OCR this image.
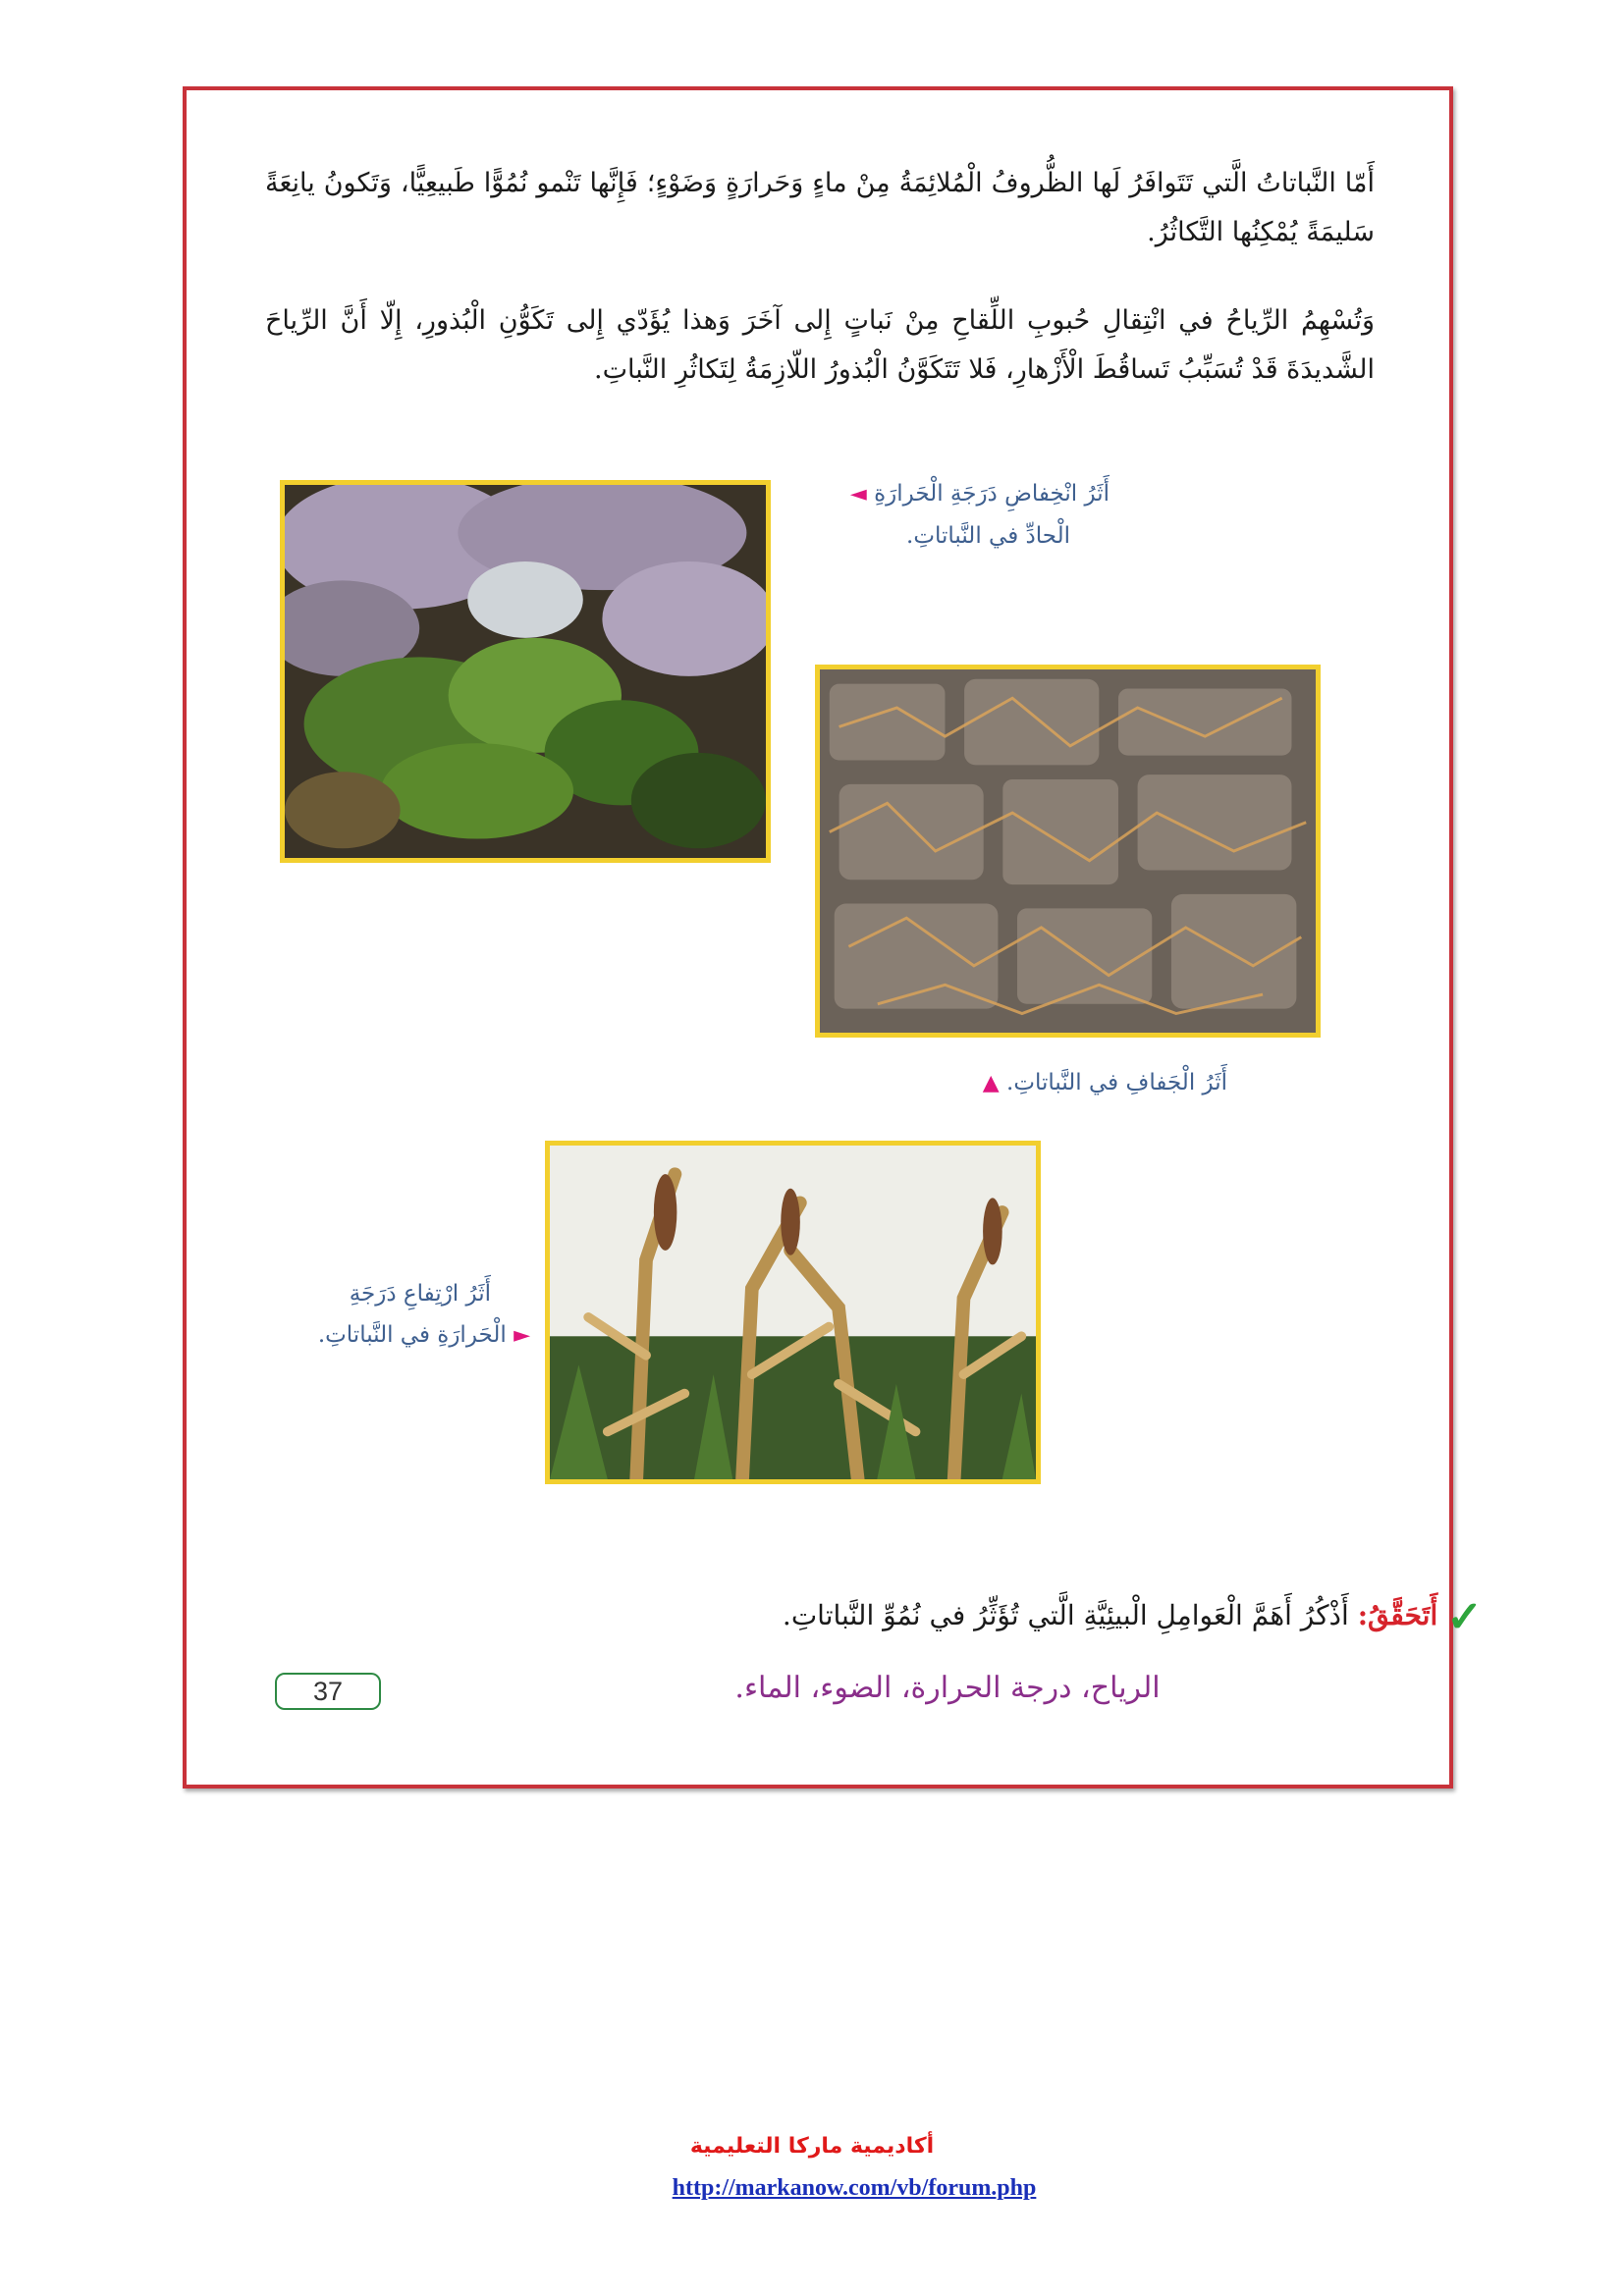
أَمّا النَّباتاتُ الَّتي تَتَوافَرُ لَها الظُّروفُ الْمُلائِمَةُ مِنْ ماءٍ وَحَرارَةٍ وَضَوْءٍ؛ فَإِنَّها تَنْمو نُمُوًّا طَبيعِيًّا، وَتَكونُ يانِعَةً سَليمَةً يُمْكِنُها التَّكاثُرُ.
وَتُسْهِمُ الرِّياحُ في انْتِقالِ حُبوبِ اللِّقاحِ مِنْ نَباتٍ إِلى آخَرَ وَهذا يُؤَدّي إِلى تَكَوُّنِ الْبُذورِ، إِلّا أَنَّ الرِّياحَ الشَّديدَةَ قَدْ تُسَبِّبُ تَساقُطَ الْأَزْهارِ، فَلا تَتَكَوَّنُ الْبُذورُ اللّازِمَةُ لِتَكاثُرِ النَّباتِ.
أَثَرُ انْخِفاضِ دَرَجَةِ الْحَرارَةِ ◄
الْحادِّ في النَّباتاتِ.
أَثَرُ الْجَفافِ في النَّباتاتِ. ▲
أَثَرُ ارْتِفاعِ دَرَجَةِ
► الْحَرارَةِ في النَّباتاتِ.
✓ أَتَحَقَّقُ: أَذْكُرُ أَهَمَّ الْعَوامِلِ الْبيئِيَّةِ الَّتي تُؤَثِّرُ في نُمُوِّ النَّباتاتِ.
37	الرياح، درجة الحرارة، الضوء، الماء.
أكاديمية ماركا التعليمية
http://markanow.com/vb/forum.php
